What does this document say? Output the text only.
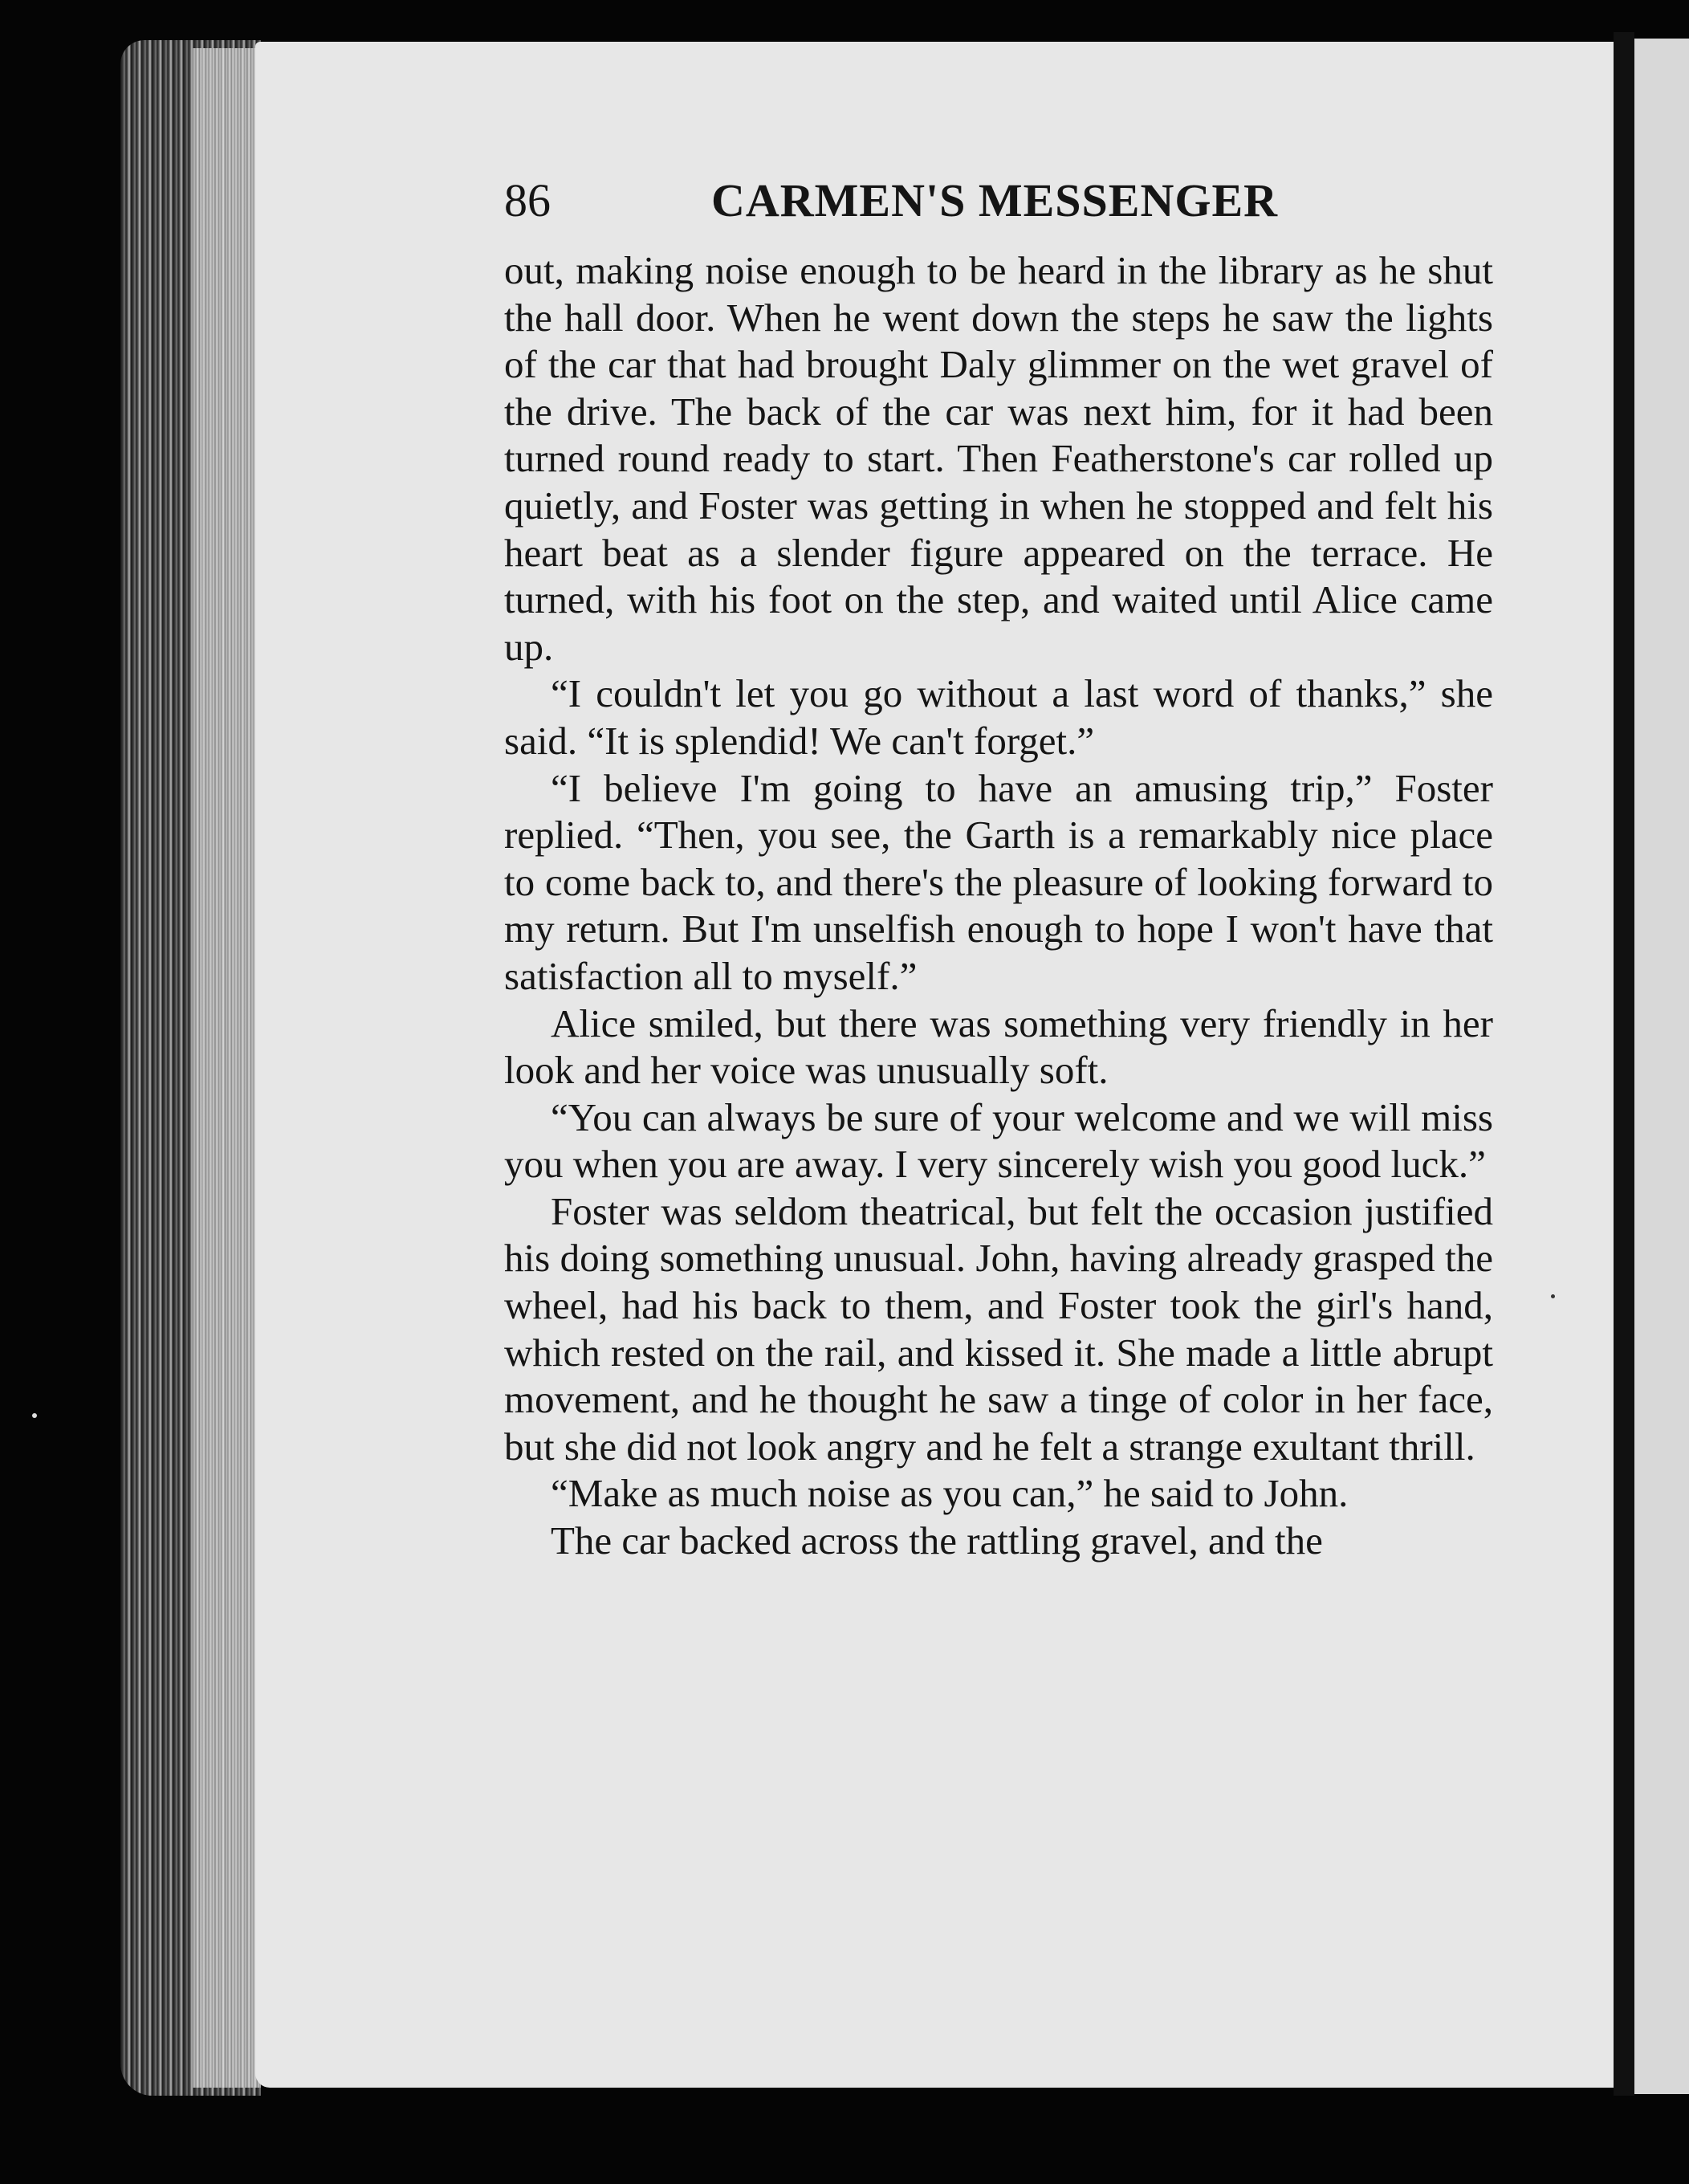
86	CARMEN'S MESSENGER

out, making noise enough to be heard in the library as he shut the hall door. When he went down the steps he saw the lights of the car that had brought Daly glimmer on the wet gravel of the drive. The back of the car was next him, for it had been turned round ready to start. Then Featherstone's car rolled up quietly, and Foster was getting in when he stopped and felt his heart beat as a slender figure appeared on the terrace. He turned, with his foot on the step, and waited until Alice came up.

“I couldn't let you go without a last word of thanks,” she said. “It is splendid! We can't forget.”

“I believe I'm going to have an amusing trip,” Foster replied. “Then, you see, the Garth is a remarkably nice place to come back to, and there's the pleasure of looking forward to my return. But I'm unselfish enough to hope I won't have that satisfaction all to myself.”

Alice smiled, but there was something very friendly in her look and her voice was unusually soft.

“You can always be sure of your welcome and we will miss you when you are away. I very sincerely wish you good luck.”

Foster was seldom theatrical, but felt the occasion justified his doing something unusual. John, having already grasped the wheel, had his back to them, and Foster took the girl's hand, which rested on the rail, and kissed it. She made a little abrupt movement, and he thought he saw a tinge of color in her face, but she did not look angry and he felt a strange exultant thrill.

“Make as much noise as you can,” he said to John.

The car backed across the rattling gravel, and the
